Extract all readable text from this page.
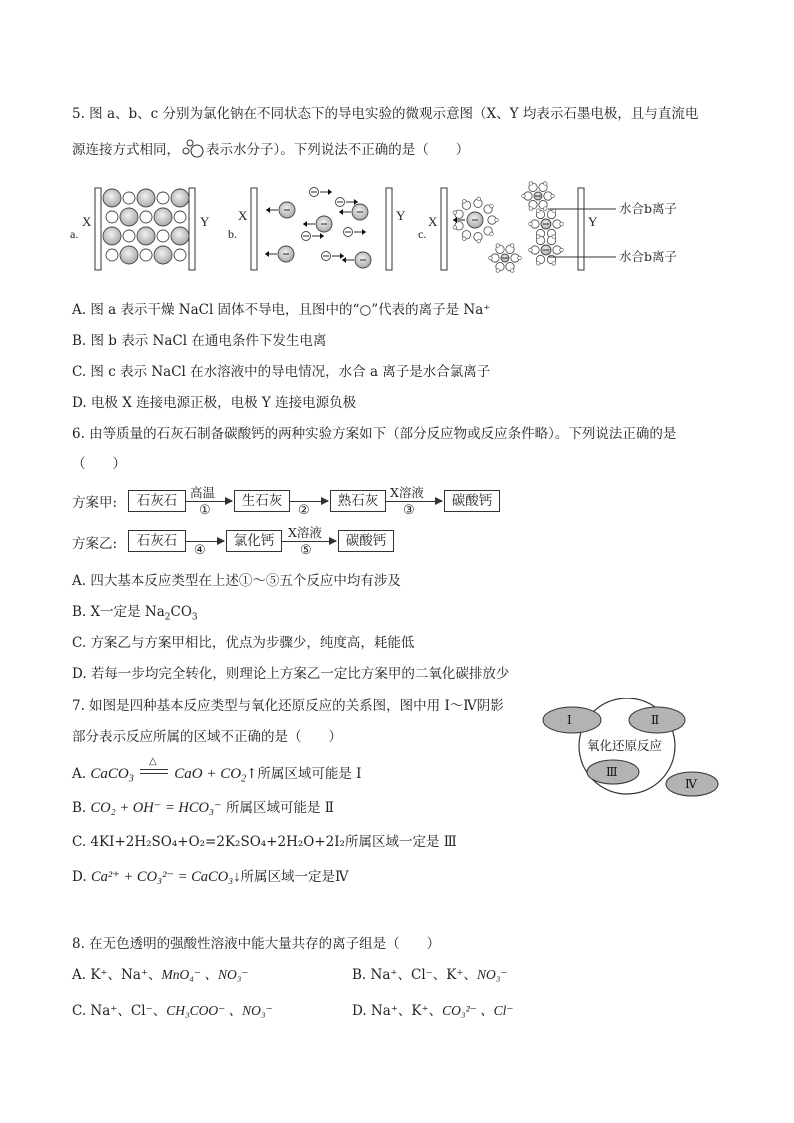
5. 图 a、b、c 分别为氯化钠在不同状态下的导电实验的微观示意图（X、Y 均表示石墨电极，且与直流电
源连接方式相同， 表示水分子）。下列说法不正确的是（　　）
a.
X	Y
b.
X	Y
c.
X	Y
水合b离子
水合b离子
A. 图 a 表示干燥 NaCl 固体不导电，且图中的“○”代表的离子是 Na⁺
B. 图 b 表示 NaCl 在通电条件下发生电离
C. 图 c 表示 NaCl 在水溶液中的导电情况，水合 a 离子是水合氯离子
D. 电极 X 连接电源正极，电极 Y 连接电源负极
6. 由等质量的石灰石制备碳酸钙的两种实验方案如下（部分反应物或反应条件略）。下列说法正确的是
（　　）
方案甲:	石灰石
高温
①
生石灰
②
熟石灰
X溶液
③
碳酸钙
方案乙:	石灰石
④
氯化钙
X溶液
⑤
碳酸钙
A. 四大基本反应类型在上述①～⑤五个反应中均有涉及
B. X一定是 $Na_2CO_3$
C. 方案乙与方案甲相比，优点为步骤少，纯度高，耗能低
D. 若每一步均完全转化，则理论上方案乙一定比方案甲的二氧化碳排放少
7. 如图是四种基本反应类型与氧化还原反应的关系图，图中用 Ⅰ～Ⅳ阴影
部分表示反应所属的区域不正确的是（　　）
Ⅰ	Ⅱ
氧化还原反应
Ⅲ
Ⅳ
A. CaCO$_3$
△
CaO + $CO_2↑$所属区域可能是 Ⅰ
B. CO₂ + OH⁻ = HCO₃⁻ 所属区域可能是 Ⅱ
C. 4KI+2H₂SO₄+O₂=2K₂SO₄+2H₂O+2I₂所属区域一定是 Ⅲ
D. Ca²⁺ + CO₃²⁻ = CaCO₃↓所属区域一定是Ⅳ
8. 在无色透明的强酸性溶液中能大量共存的离子组是（　　）
A. K⁺、Na⁺、MnO₄⁻ 、NO₃⁻	B. Na⁺、Cl⁻、K⁺、NO₃⁻
C. Na⁺、Cl⁻、CH₃COO⁻ 、NO₃⁻	D. Na⁺、K⁺、CO₃²⁻ 、Cl⁻
